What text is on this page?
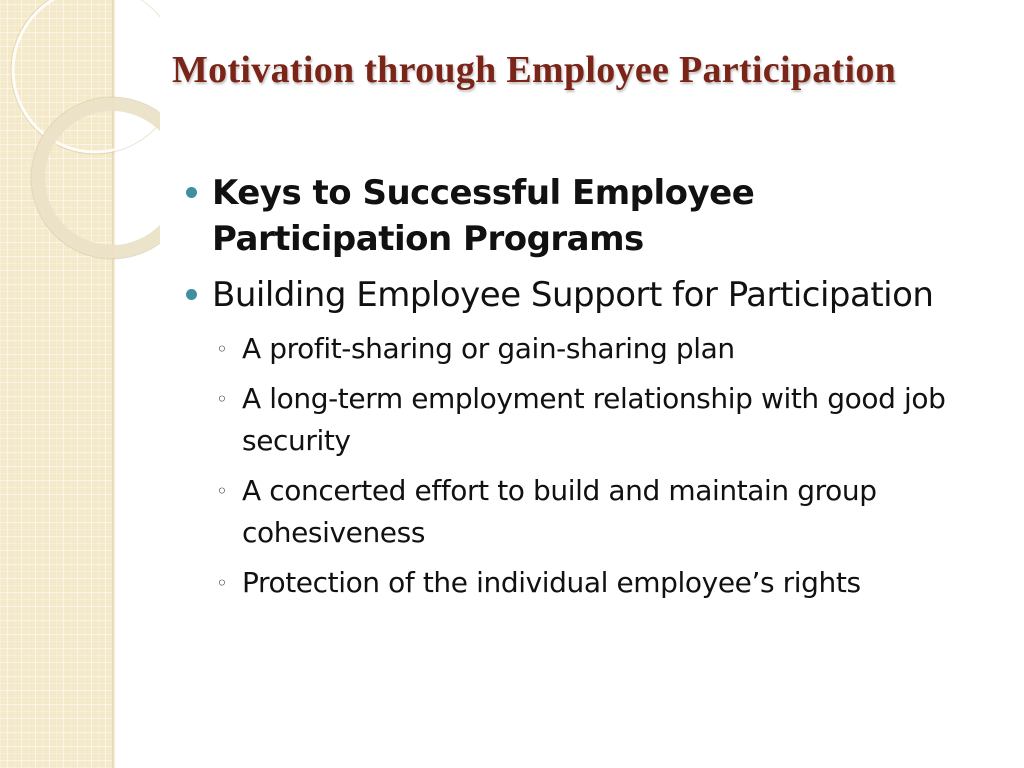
Motivation through Employee Participation
Keys to Successful Employee Participation Programs
Building Employee Support for Participation
◦ A profit-sharing or gain-sharing plan
◦ A long-term employment relationship with good job security
◦ A concerted effort to build and maintain group cohesiveness
◦ Protection of the individual employee’s rights
